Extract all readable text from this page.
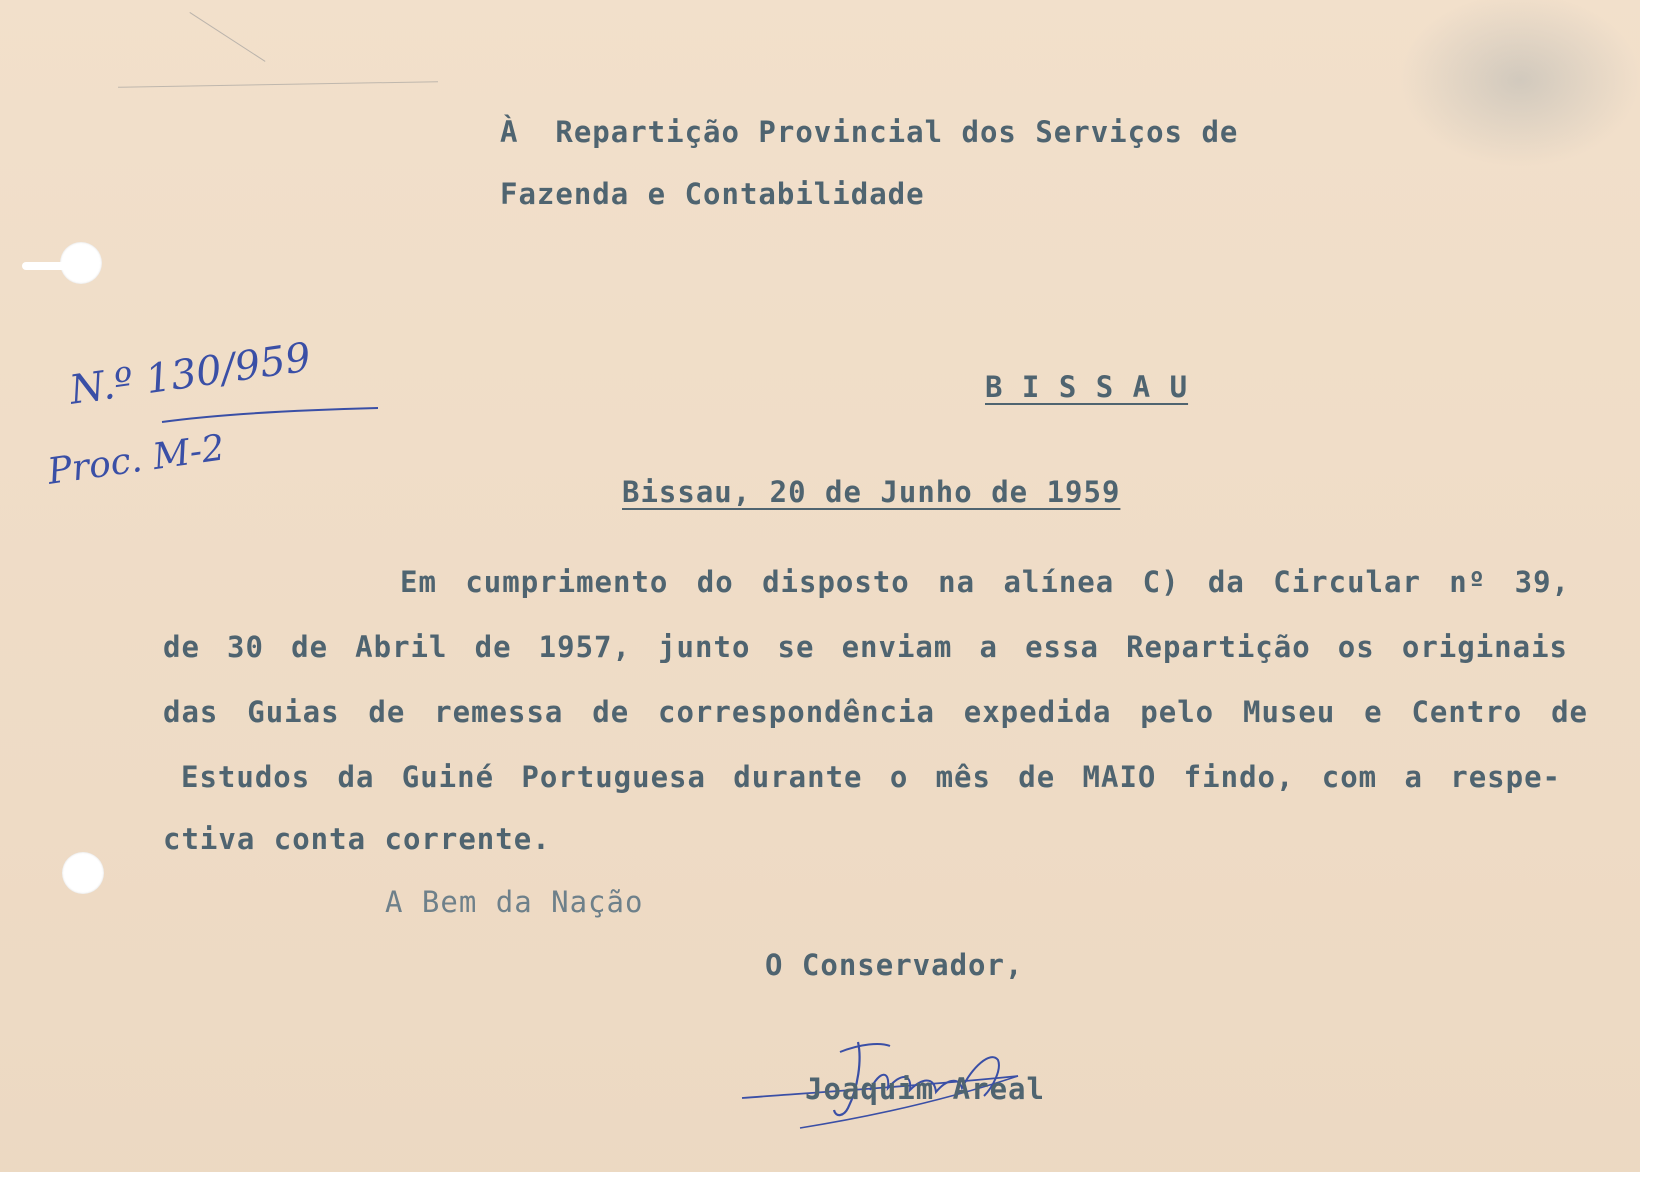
À  Repartição Provincial dos Serviços de
Fazenda e Contabilidade
N.º 130/959
Proc. M-2
B I S S A U
Bissau, 20 de Junho de 1959
Em cumprimento do disposto na alínea C) da Circular nº 39,
de 30 de Abril de 1957, junto se enviam a essa Repartição os originais
das Guias de remessa de correspondência expedida pelo Museu e Centro de
Estudos da Guiné Portuguesa durante o mês de MAIO findo, com a respe-
ctiva conta corrente.
A Bem da Nação
O Conservador,
Joaquim Areal
